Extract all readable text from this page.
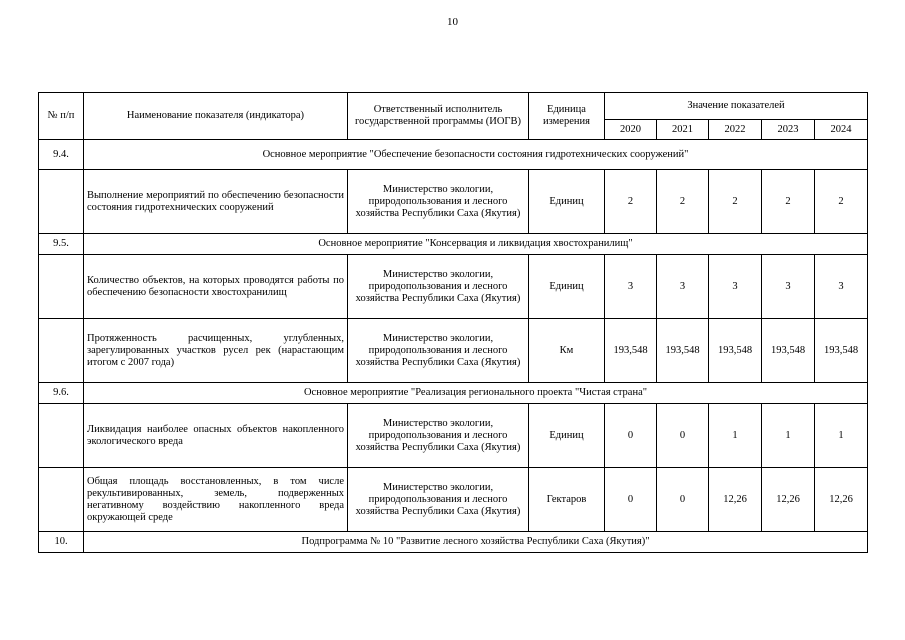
10
№ п/п	Наименование показателя (индикатора)	Ответственный исполнитель государственной программы (ИОГВ)	Единица измерения	Значение показателей				
				2020	2021	2022	2023	2024
9.4.	Основное мероприятие "Обеспечение безопасности состояния гидротехнических сооружений"							
	Выполнение мероприятий по обеспечению безопасности состояния гидротехнических сооружений	Министерство экологии, природопользования и лесного хозяйства Республики Саха (Якутия)	Единиц	2	2	2	2	2
9.5.	Основное мероприятие "Консервация и ликвидация хвостохранилищ"							
	Количество объектов, на которых проводятся работы по обеспечению безопасности хвостохранилищ	Министерство экологии, природопользования и лесного хозяйства Республики Саха (Якутия)	Единиц	3	3	3	3	3
	Протяженность расчищенных, углубленных, зарегулированных участков русел рек (нарастающим итогом с 2007 года)	Министерство экологии, природопользования и лесного хозяйства Республики Саха (Якутия)	Км	193,548	193,548	193,548	193,548	193,548
9.6.	Основное мероприятие "Реализация регионального проекта "Чистая страна"							
	Ликвидация наиболее опасных объектов накопленного экологического вреда	Министерство экологии, природопользования и лесного хозяйства Республики Саха (Якутия)	Единиц	0	0	1	1	1
	Общая площадь восстановленных, в том числе рекультивированных, земель, подверженных негативному воздействию накопленного вреда окружающей среде	Министерство экологии, природопользования и лесного хозяйства Республики Саха (Якутия)	Гектаров	0	0	12,26	12,26	12,26
10.	Подпрограмма № 10 "Развитие лесного хозяйства Республики Саха (Якутия)"							
